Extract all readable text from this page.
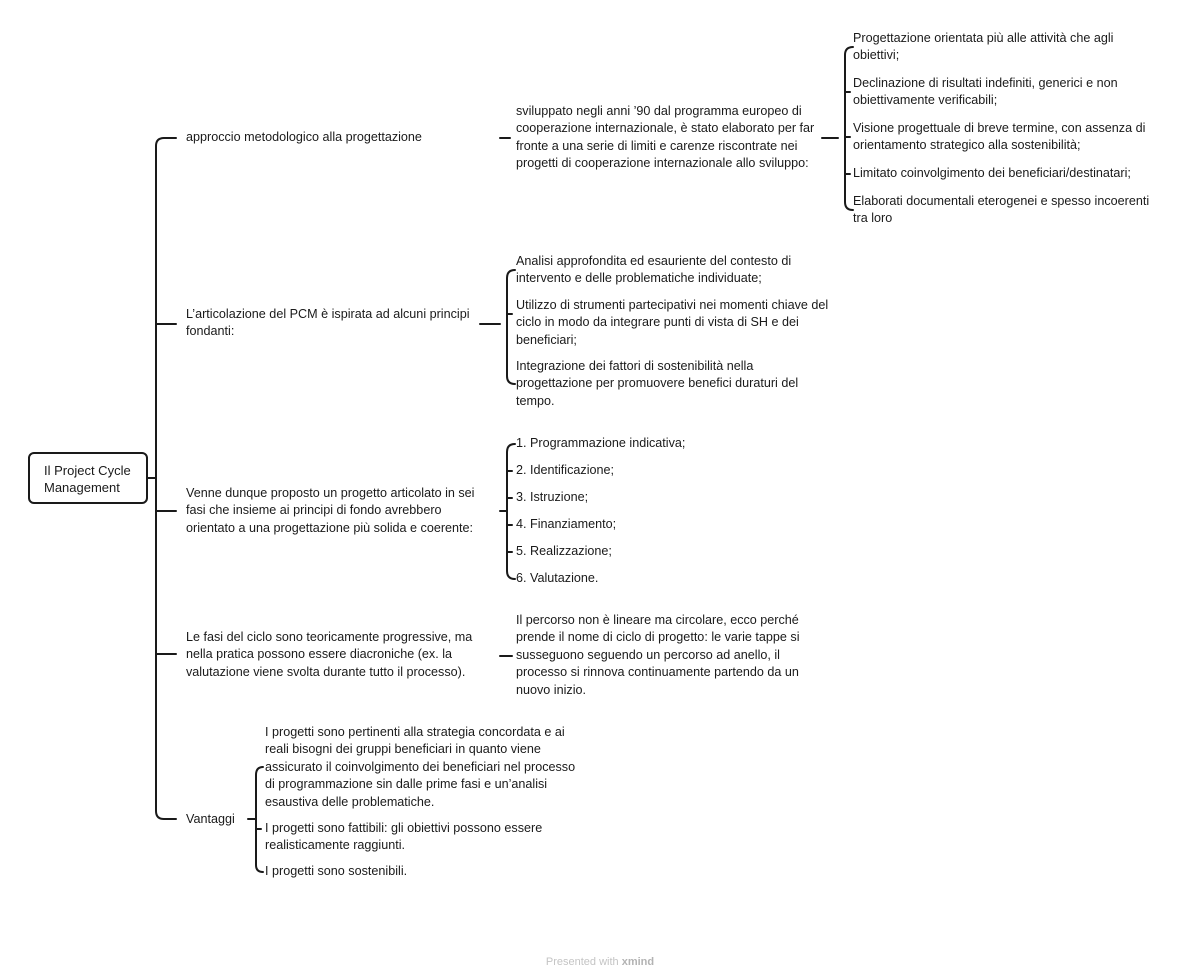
Il Project Cycle Management
approccio metodologico alla progettazione
sviluppato negli anni ’90 dal programma europeo di cooperazione internazionale, è stato elaborato per far fronte a una serie di limiti e carenze riscontrate nei progetti di cooperazione internazionale allo sviluppo:
Progettazione orientata più alle attività che agli obiettivi;
Declinazione di risultati indefiniti, generici e non obiettivamente verificabili;
Visione progettuale di breve termine, con assenza di orientamento strategico alla sostenibilità;
Limitato coinvolgimento dei beneficiari/destinatari;
Elaborati documentali eterogenei e spesso incoerenti tra loro
L’articolazione del PCM è ispirata ad alcuni principi fondanti:
Analisi approfondita ed esauriente del contesto di intervento e delle problematiche individuate;
Utilizzo di strumenti partecipativi nei momenti chiave del ciclo in modo da integrare punti di vista di SH e dei beneficiari;
Integrazione dei fattori di sostenibilità nella progettazione per promuovere benefici duraturi del tempo.
Venne dunque proposto un progetto articolato in sei fasi che insieme ai principi di fondo avrebbero orientato a una progettazione più solida e coerente:
1. Programmazione indicativa;
2. Identificazione;
3. Istruzione;
4. Finanziamento;
5. Realizzazione;
6. Valutazione.
Le fasi del ciclo sono teoricamente progressive, ma nella pratica possono essere diacroniche (ex. la valutazione viene svolta durante tutto il processo).
Il percorso non è lineare ma circolare, ecco perché prende il nome di ciclo di progetto: le varie tappe si susseguono seguendo un percorso ad anello, il processo si rinnova continuamente partendo da un nuovo inizio.
Vantaggi
I progetti sono pertinenti alla strategia concordata e ai reali bisogni dei gruppi beneficiari in quanto viene assicurato il coinvolgimento dei beneficiari nel processo di programmazione sin dalle prime fasi e un’analisi esaustiva delle problematiche.
I progetti sono fattibili: gli obiettivi possono essere realisticamente raggiunti.
I progetti sono sostenibili.
Presented with xmind
